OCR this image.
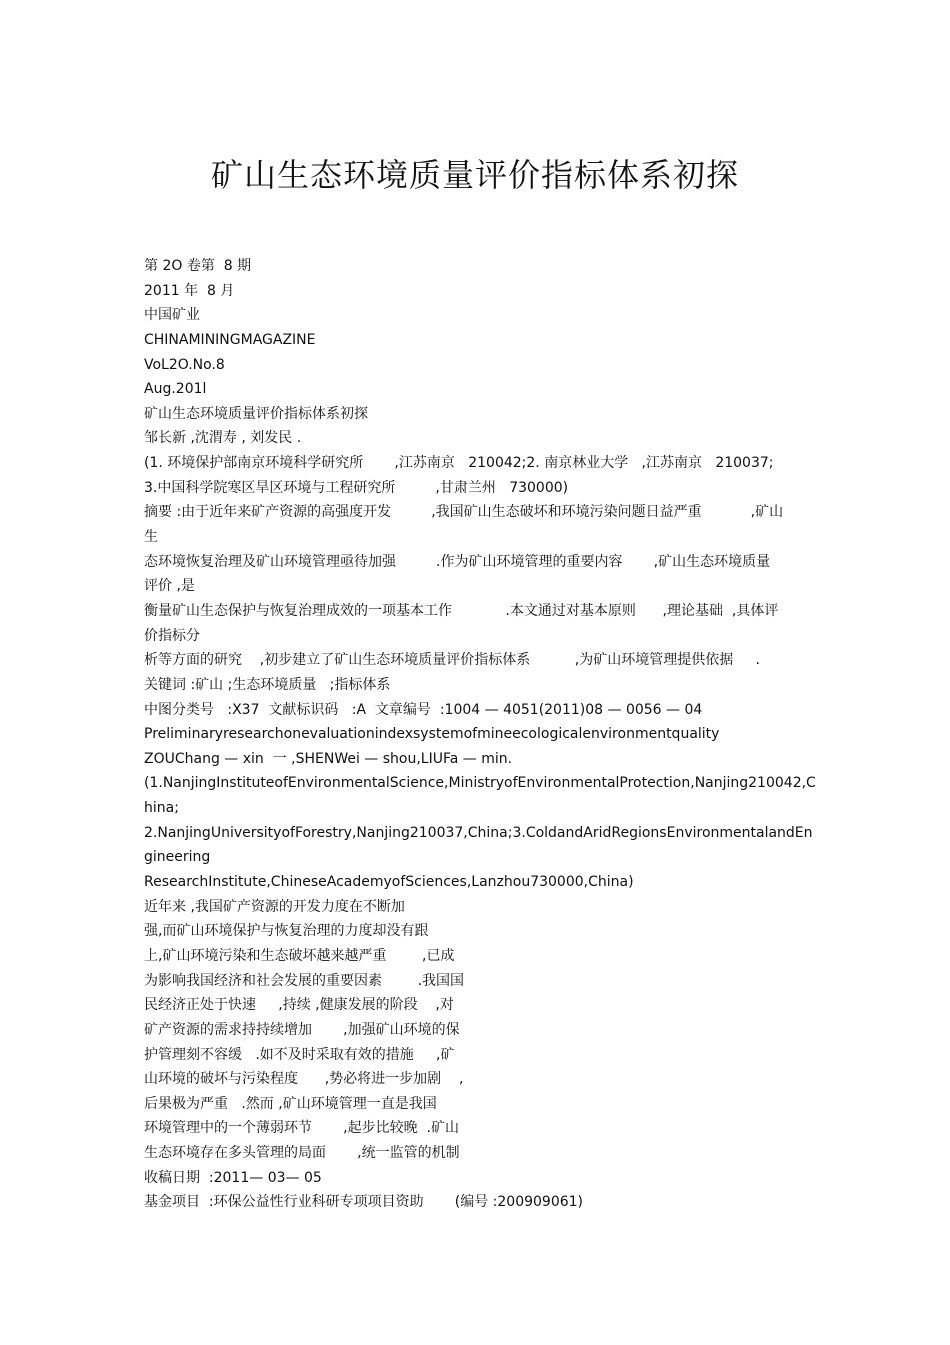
矿山生态环境质量评价指标体系初探
第 2O 卷第  8 期
2011 年  8 月
中国矿业
CHINAMININGMAGAZINE
VoL2O.No.8
Aug.201l
矿山生态环境质量评价指标体系初探
邹长新 ,沈渭寿 , 刘发民 .
(1. 环境保护部南京环境科学研究所       ,江苏南京   210042;2. 南京林业大学   ,江苏南京   210037;
3.中国科学院寒区旱区环境与工程研究所         ,甘肃兰州   730000)
摘要 :由于近年来矿产资源的高强度开发         ,我国矿山生态破坏和环境污染问题日益严重           ,矿山
生
态环境恢复治理及矿山环境管理亟待加强         .作为矿山环境管理的重要内容       ,矿山生态环境质量
评价 ,是
衡量矿山生态保护与恢复治理成效的一项基本工作            .本文通过对基本原则      ,理论基础  ,具体评
价指标分
析等方面的研究    ,初步建立了矿山生态环境质量评价指标体系          ,为矿山环境管理提供依据     .
关键词 :矿山 ;生态环境质量   ;指标体系
中图分类号   :X37  文献标识码   :A  文章编号  :1004 — 4051(2011)08 — 0056 — 04
Preliminaryresearchonevaluationindexsystemofmineecologicalenvironmentquality
ZOUChang — xin  一 ,SHENWei — shou,LIUFa — min.
(1.NanjingInstituteofEnvironmentalScience,MinistryofEnvironmentalProtection,Nanjing210042,C
hina;
2.NanjingUniversityofForestry,Nanjing210037,China;3.ColdandAridRegionsEnvironmentalandEn
gineering
ResearchInstitute,ChineseAcademyofSciences,Lanzhou730000,China)
近年来 ,我国矿产资源的开发力度在不断加
强,而矿山环境保护与恢复治理的力度却没有跟
上,矿山环境污染和生态破坏越来越严重        ,已成
为影响我国经济和社会发展的重要因素        .我国国
民经济正处于快速     ,持续 ,健康发展的阶段    ,对
矿产资源的需求持持续增加       ,加强矿山环境的保
护管理刻不容缓   .如不及时采取有效的措施     ,矿
山环境的破坏与污染程度      ,势必将进一步加剧    ,
后果极为严重   .然而 ,矿山环境管理一直是我国
环境管理中的一个薄弱环节       ,起步比较晚  .矿山
生态环境存在多头管理的局面       ,统一监管的机制
收稿日期  :2011— 03— 05
基金项目  :环保公益性行业科研专项项目资助       (编号 :200909061)
